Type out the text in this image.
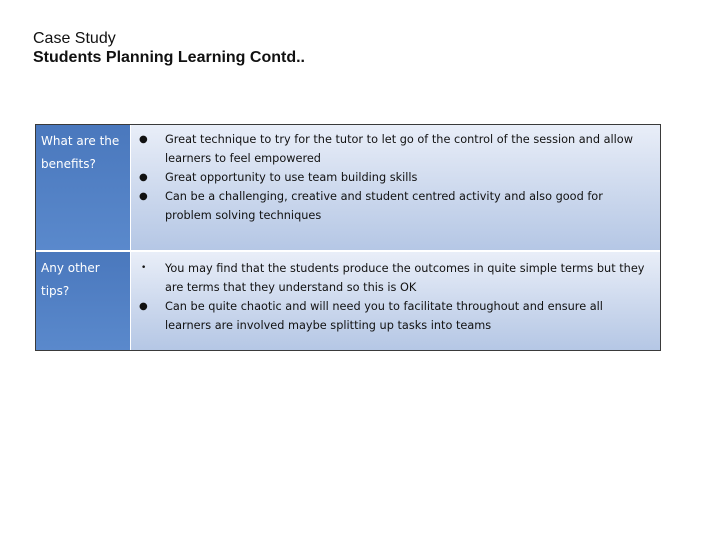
Case Study
Students Planning Learning Contd..
What are the benefits?
● Great technique to try for the tutor to let go of the control of the session and allow learners to feel empowered
● Great opportunity to use team building skills
● Can be a challenging, creative and student centred activity and also good for problem solving techniques
Any other tips?
• You may find that the students produce the outcomes in quite simple terms but they are terms that they understand so this is OK
● Can be quite chaotic and will need you to facilitate throughout and ensure all learners are involved maybe splitting up tasks into teams
